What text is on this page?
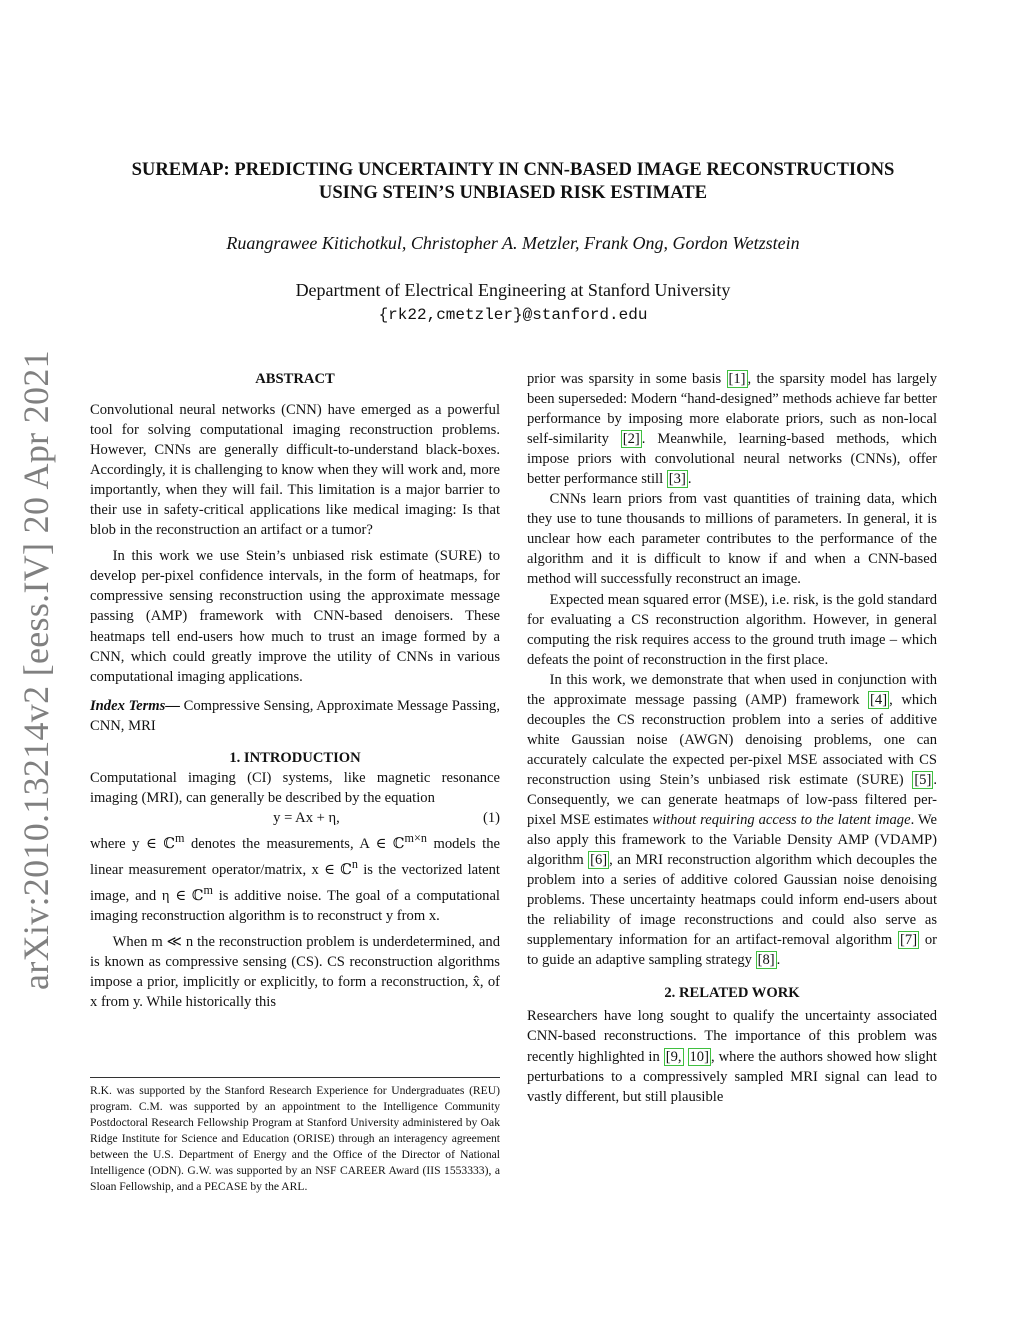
arXiv:2010.13214v2 [eess.IV] 20 Apr 2021
SUREMAP: PREDICTING UNCERTAINTY IN CNN-BASED IMAGE RECONSTRUCTIONS
USING STEIN’S UNBIASED RISK ESTIMATE
Ruangrawee Kitichotkul, Christopher A. Metzler, Frank Ong, Gordon Wetzstein
Department of Electrical Engineering at Stanford University
{rk22,cmetzler}@stanford.edu
ABSTRACT

Convolutional neural networks (CNN) have emerged as a powerful tool for solving computational imaging reconstruction problems. However, CNNs are generally difficult-to-understand black-boxes. Accordingly, it is challenging to know when they will work and, more importantly, when they will fail. This limitation is a major barrier to their use in safety-critical applications like medical imaging: Is that blob in the reconstruction an artifact or a tumor?

In this work we use Stein’s unbiased risk estimate (SURE) to develop per-pixel confidence intervals, in the form of heatmaps, for compressive sensing reconstruction using the approximate message passing (AMP) framework with CNN-based denoisers. These heatmaps tell end-users how much to trust an image formed by a CNN, which could greatly improve the utility of CNNs in various computational imaging applications.

Index Terms— Compressive Sensing, Approximate Message Passing, CNN, MRI

1. INTRODUCTION

Computational imaging (CI) systems, like magnetic resonance imaging (MRI), can generally be described by the equation

y = Ax + η,	(1)

where y ∈ ℂ$^m$ denotes the measurements, A ∈ ℂ$^{m\times n}$ models the linear measurement operator/matrix, x ∈ ℂ$^n$ is the vectorized latent image, and η ∈ ℂ$^m$ is additive noise. The goal of a computational imaging reconstruction algorithm is to reconstruct y from x.

When m ≪ n the reconstruction problem is underdetermined, and is known as compressive sensing (CS). CS reconstruction algorithms impose a prior, implicitly or explicitly, to form a reconstruction, x̂, of x from y. While historically this

R.K. was supported by the Stanford Research Experience for Undergraduates (REU) program. C.M. was supported by an appointment to the Intelligence Community Postdoctoral Research Fellowship Program at Stanford University administered by Oak Ridge Institute for Science and Education (ORISE) through an interagency agreement between the U.S. Department of Energy and the Office of the Director of National Intelligence (ODN). G.W. was supported by an NSF CAREER Award (IIS 1553333), a Sloan Fellowship, and a PECASE by the ARL.

prior was sparsity in some basis [1] , the sparsity model has largely been superseded: Modern “hand-designed” methods achieve far better performance by imposing more elaborate priors, such as non-local self-similarity [2] . Meanwhile, learning-based methods, which impose priors with convolutional neural networks (CNNs), offer better performance still [3] .

CNNs learn priors from vast quantities of training data, which they use to tune thousands to millions of parameters. In general, it is unclear how each parameter contributes to the performance of the algorithm and it is difficult to know if and when a CNN-based method will successfully reconstruct an image.

Expected mean squared error (MSE), i.e. risk, is the gold standard for evaluating a CS reconstruction algorithm. However, in general computing the risk requires access to the ground truth image – which defeats the point of reconstruction in the first place.

In this work, we demonstrate that when used in conjunction with the approximate message passing (AMP) framework [4] , which decouples the CS reconstruction problem into a series of additive white Gaussian noise (AWGN) denoising problems, one can accurately calculate the expected per-pixel MSE associated with CS reconstruction using Stein’s unbiased risk estimate (SURE) [5] . Consequently, we can generate heatmaps of low-pass filtered per-pixel MSE estimates without requiring access to the latent image. We also apply this framework to the Variable Density AMP (VDAMP) algorithm [6] , an MRI reconstruction algorithm which decouples the problem into a series of additive colored Gaussian noise denoising problems. These uncertainty heatmaps could inform end-users about the reliability of image reconstructions and could also serve as supplementary information for an artifact-removal algorithm [7] or to guide an adaptive sampling strategy [8] .

2. RELATED WORK

Researchers have long sought to qualify the uncertainty associated CNN-based reconstructions. The importance of this problem was recently highlighted in [9, 10] , where the authors showed how slight perturbations to a compressively sampled MRI signal can lead to vastly different, but still plausible
